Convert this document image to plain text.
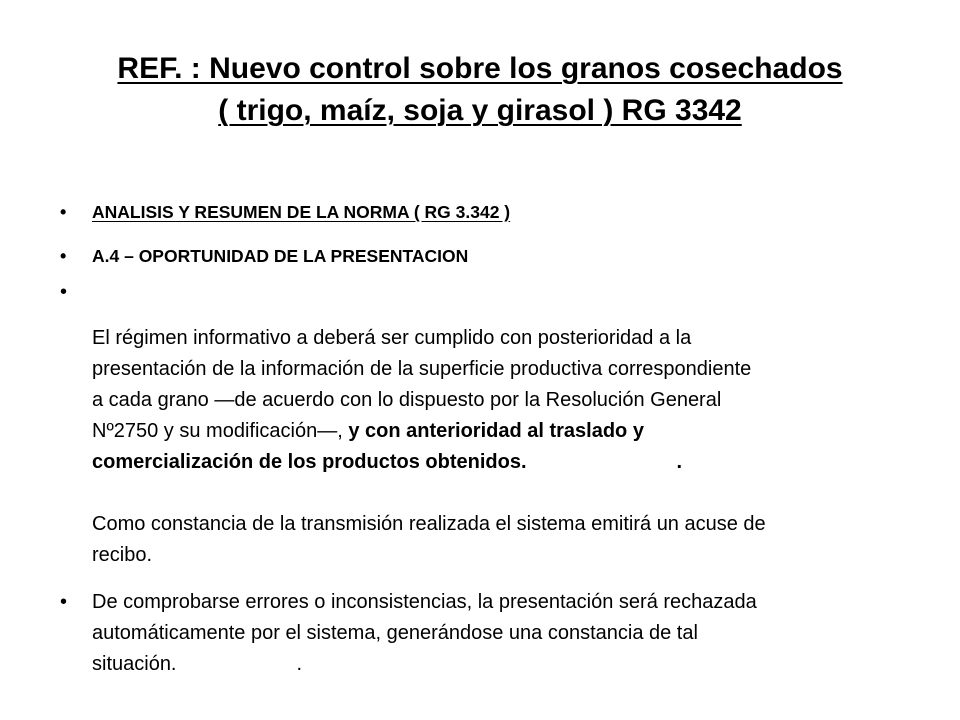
REF. : Nuevo control sobre los granos cosechados
( trigo, maíz, soja y girasol ) RG 3342
• ANALISIS Y RESUMEN DE LA NORMA ( RG 3.342 )
• A.4 – OPORTUNIDAD DE LA PRESENTACION
•
El régimen informativo a deberá ser cumplido con posterioridad a la
presentación de la información de la superficie productiva correspondiente
a cada grano —de acuerdo con lo dispuesto por la Resolución General
Nº2750 y su modificación—, y con anterioridad al traslado y
comercialización de los productos obtenidos.	.
Como constancia de la transmisión realizada el sistema emitirá un acuse de
recibo.
• De comprobarse errores o inconsistencias, la presentación será rechazada
automáticamente por el sistema, generándose una constancia de tal
situación.	.
